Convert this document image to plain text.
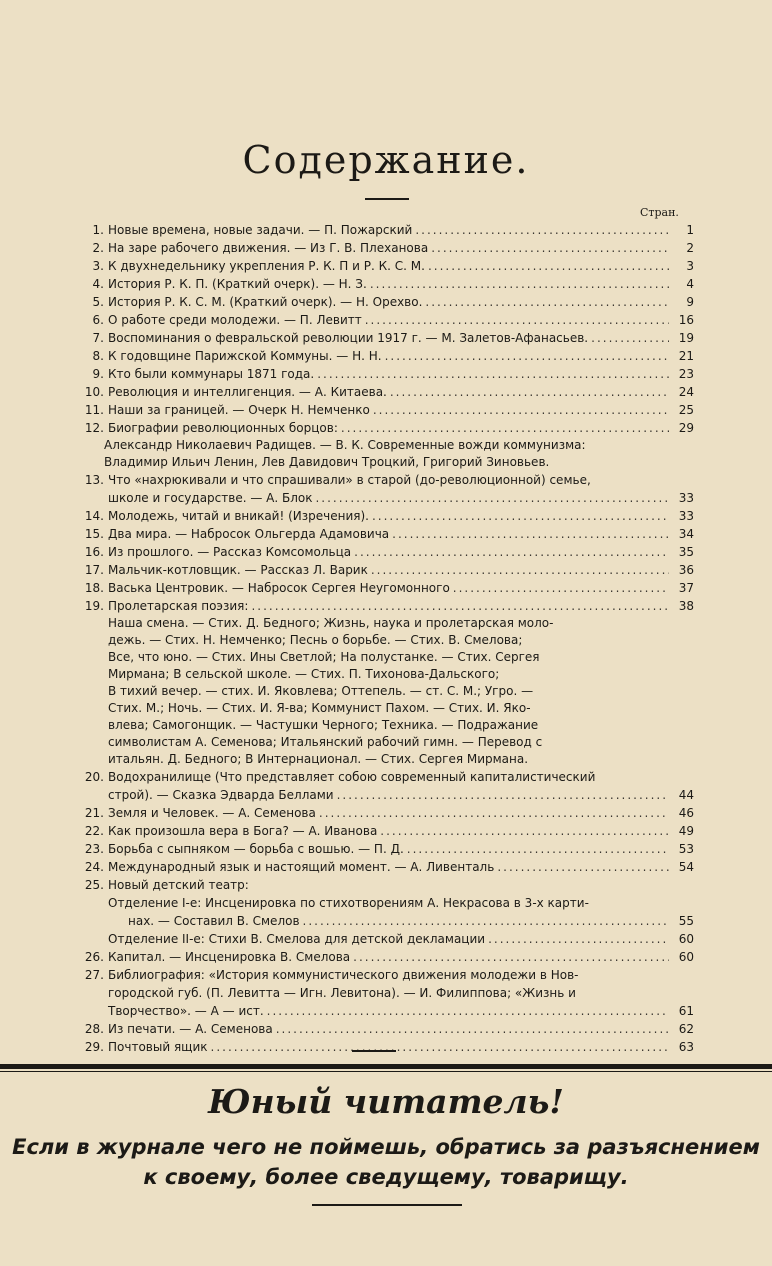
Содержание.
Стран.
1. Новые времена, новые задачи. — П. Пожарский .....	1
2. На заре рабочего движения. — Из Г. В. Плеханова .....	2
3. К двухнедельнику укрепления Р. К. П и Р. К. С. М. .....	3
4. История Р. К. П. (Краткий очерк). — Н. З. .....	4
5. История Р. К. С. М. (Краткий очерк). — Н. Орехво. .....	9
6. О работе среди молодежи. — П. Левитт .....	16
7. Воспоминания о февральской революции 1917 г. — М. Залетов-Афанасьев. .....	19
8. К годовщине Парижской Коммуны. — Н. Н. .....	21
9. Кто были коммунары 1871 года. .....	23
10. Революция и интеллигенция. — А. Китаева. .....	24
11. Наши за границей. — Очерк Н. Немченко .....	25
12. Биографии революционных борцов: .....	29
Александр Николаевич Радищев. — В. К. Современные вожди коммунизма:
Владимир Ильич Ленин, Лев Давидович Троцкий, Григорий Зиновьев.
13. Что «нахрюкивали и что спрашивали» в старой (до-революционной) семье,
школе и государстве. — А. Блок .....	33
14. Молодежь, читай и вникай! (Изречения). .....	33
15. Два мира. — Набросок Ольгерда Адамовича .....	34
16. Из прошлого. — Рассказ Комсомольца .....	35
17. Мальчик-котловщик. — Рассказ Л. Варик .....	36
18. Васька Центровик. — Набросок Сергея Неугомонного .....	37
19. Пролетарская поэзия: .....	38
Наша смена. — Стих. Д. Бедного; Жизнь, наука и пролетарская моло-
дежь. — Стих. Н. Немченко; Песнь о борьбе. — Стих. В. Смелова;
Все, что юно. — Стих. Ины Светлой; На полустанке. — Стих. Сергея
Мирмана; В сельской школе. — Стих. П. Тихонова-Дальского;
В тихий вечер. — стих. И. Яковлева; Оттепель. — ст. С. М.; Угро. —
Стих. М.; Ночь. — Стих. И. Я-ва; Коммунист Пахом. — Стих. И. Яко-
влева; Самогонщик. — Частушки Черного; Техника. — Подражание
символистам А. Семенова; Итальянский рабочий гимн. — Перевод с
итальян. Д. Бедного; В Интернационал. — Стих. Сергея Мирмана.
20. Водохранилище (Что представляет собою современный капиталистический
строй). — Сказка Эдварда Беллами .....	44
21. Земля и Человек. — А. Семенова .....	46
22. Как произошла вера в Бога? — А. Иванова .....	49
23. Борьба с сыпняком — борьба с вошью. — П. Д. .....	53
24. Международный язык и настоящий момент. — А. Ливенталь .....	54
25. Новый детский театр:
Отделение I-е: Инсценировка по стихотворениям А. Некрасова в 3-х карти-
нах. — Составил В. Смелов .....	55
Отделение II-е: Стихи В. Смелова для детской декламации .....	60
26. Капитал. — Инсценировка В. Смелова .....	60
27. Библиография: «История коммунистического движения молодежи в Нов-
городской губ. (П. Левитта — Игн. Левитона). — И. Филиппова; «Жизнь и
Творчество». — А — ист. .....	61
28. Из печати. — А. Семенова .....	62
29. Почтовый ящик .....	63
Юный читатель!
Если в журнале чего не поймешь, обратись за разъяснением
к своему, более сведущему, товарищу.
